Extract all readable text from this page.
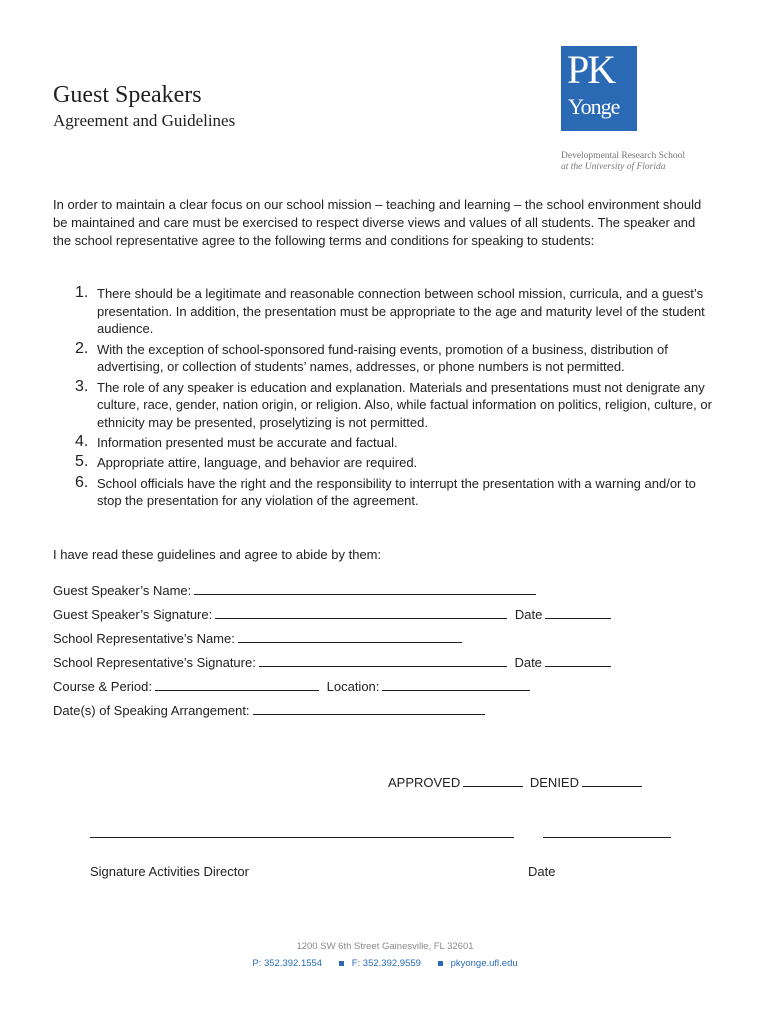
Guest Speakers
Agreement and Guidelines
PK
Yonge
Developmental Research School
at the University of Florida
In order to maintain a clear focus on our school mission – teaching and learning – the school environment should be maintained and care must be exercised to respect diverse views and values of all students. The speaker and the school representative agree to the following terms and conditions for speaking to students:
1. There should be a legitimate and reasonable connection between school mission, curricula, and a guest’s presentation. In addition, the presentation must be appropriate to the age and maturity level of the student audience.
2. With the exception of school-sponsored fund-raising events, promotion of a business, distribution of advertising, or collection of students’ names, addresses, or phone numbers is not permitted.
3. The role of any speaker is education and explanation. Materials and presentations must not denigrate any culture, race, gender, nation origin, or religion. Also, while factual information on politics, religion, culture, or ethnicity may be presented, proselytizing is not permitted.
4. Information presented must be accurate and factual.
5. Appropriate attire, language, and behavior are required.
6. School officials have the right and the responsibility to interrupt the presentation with a warning and/or to stop the presentation for any violation of the agreement.
I have read these guidelines and agree to abide by them:
Guest Speaker’s Name:
Guest Speaker’s Signature:	Date
School Representative’s Name:
School Representative’s Signature:	Date
Course & Period:	Location:
Date(s) of Speaking Arrangement:
APPROVED	DENIED
Signature Activities Director	Date
1200 SW 6th Street Gainesville, FL 32601
P: 352.392.1554	F: 352.392.9559	pkyonge.ufl.edu
